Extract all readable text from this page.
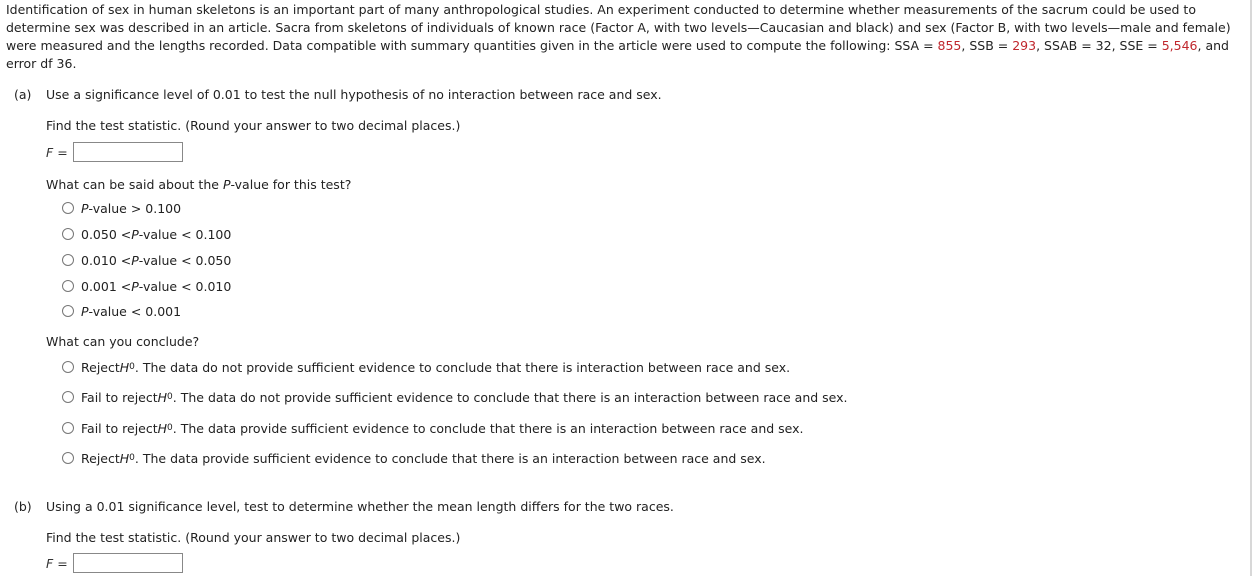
Identification of sex in human skeletons is an important part of many anthropological studies. An experiment conducted to determine whether measurements of the sacrum could be used to determine sex was described in an article. Sacra from skeletons of individuals of known race (Factor A, with two levels—Caucasian and black) and sex (Factor B, with two levels—male and female) were measured and the lengths recorded. Data compatible with summary quantities given in the article were used to compute the following: SSA = 855, SSB = 293, SSAB = 32, SSE = 5,546, and error df 36.

(a) Use a significance level of 0.01 to test the null hypothesis of no interaction between race and sex.
Find the test statistic. (Round your answer to two decimal places.)
F =
What can be said about the P-value for this test?
P -value > 0.100
0.050 < P -value < 0.100
0.010 < P -value < 0.050
0.001 < P -value < 0.010
P -value < 0.001
What can you conclude?
Reject H 0 . The data do not provide sufficient evidence to conclude that there is interaction between race and sex.
Fail to reject H 0 . The data do not provide sufficient evidence to conclude that there is an interaction between race and sex.
Fail to reject H 0 . The data provide sufficient evidence to conclude that there is an interaction between race and sex.
Reject H 0 . The data provide sufficient evidence to conclude that there is an interaction between race and sex.
(b) Using a 0.01 significance level, test to determine whether the mean length differs for the two races.
Find the test statistic. (Round your answer to two decimal places.)
F =
